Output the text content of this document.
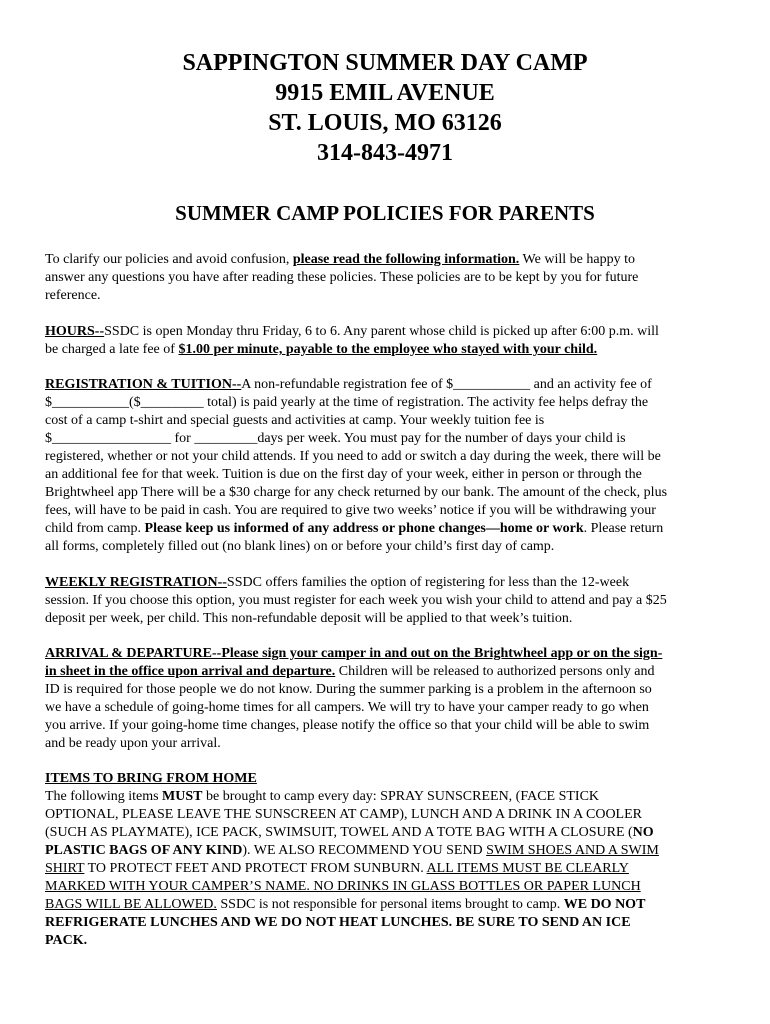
SAPPINGTON SUMMER DAY CAMP
9915 EMIL AVENUE
ST. LOUIS, MO 63126
314-843-4971
SUMMER CAMP POLICIES FOR PARENTS
To clarify our policies and avoid confusion, please read the following information. We will be happy to
answer any questions you have after reading these policies. These policies are to be kept by you for future
reference.
HOURS--SSDC is open Monday thru Friday, 6 to 6. Any parent whose child is picked up after 6:00 p.m. will
be charged a late fee of $1.00 per minute, payable to the employee who stayed with your child.
REGISTRATION & TUITION--A non-refundable registration fee of $___________ and an activity fee of
$___________($_________ total) is paid yearly at the time of registration. The activity fee helps defray the
cost of a camp t-shirt and special guests and activities at camp. Your weekly tuition fee is
$_________________ for _________days per week. You must pay for the number of days your child is
registered, whether or not your child attends. If you need to add or switch a day during the week, there will be
an additional fee for that week. Tuition is due on the first day of your week, either in person or through the
Brightwheel app There will be a $30 charge for any check returned by our bank. The amount of the check, plus
fees, will have to be paid in cash. You are required to give two weeks’ notice if you will be withdrawing your
child from camp. Please keep us informed of any address or phone changes—home or work. Please return
all forms, completely filled out (no blank lines) on or before your child’s first day of camp.
WEEKLY REGISTRATION--SSDC offers families the option of registering for less than the 12-week
session. If you choose this option, you must register for each week you wish your child to attend and pay a $25
deposit per week, per child. This non-refundable deposit will be applied to that week’s tuition.
ARRIVAL & DEPARTURE--Please sign your camper in and out on the Brightwheel app or on the sign-
in sheet in the office upon arrival and departure. Children will be released to authorized persons only and
ID is required for those people we do not know. During the summer parking is a problem in the afternoon so
we have a schedule of going-home times for all campers. We will try to have your camper ready to go when
you arrive. If your going-home time changes, please notify the office so that your child will be able to swim
and be ready upon your arrival.
ITEMS TO BRING FROM HOME
The following items MUST be brought to camp every day: SPRAY SUNSCREEN, (FACE STICK
OPTIONAL, PLEASE LEAVE THE SUNSCREEN AT CAMP), LUNCH AND A DRINK IN A COOLER
(SUCH AS PLAYMATE), ICE PACK, SWIMSUIT, TOWEL AND A TOTE BAG WITH A CLOSURE (NO
PLASTIC BAGS OF ANY KIND). WE ALSO RECOMMEND YOU SEND SWIM SHOES AND A SWIM
SHIRT TO PROTECT FEET AND PROTECT FROM SUNBURN. ALL ITEMS MUST BE CLEARLY
MARKED WITH YOUR CAMPER’S NAME. NO DRINKS IN GLASS BOTTLES OR PAPER LUNCH
BAGS WILL BE ALLOWED. SSDC is not responsible for personal items brought to camp. WE DO NOT
REFRIGERATE LUNCHES AND WE DO NOT HEAT LUNCHES. BE SURE TO SEND AN ICE
PACK.
